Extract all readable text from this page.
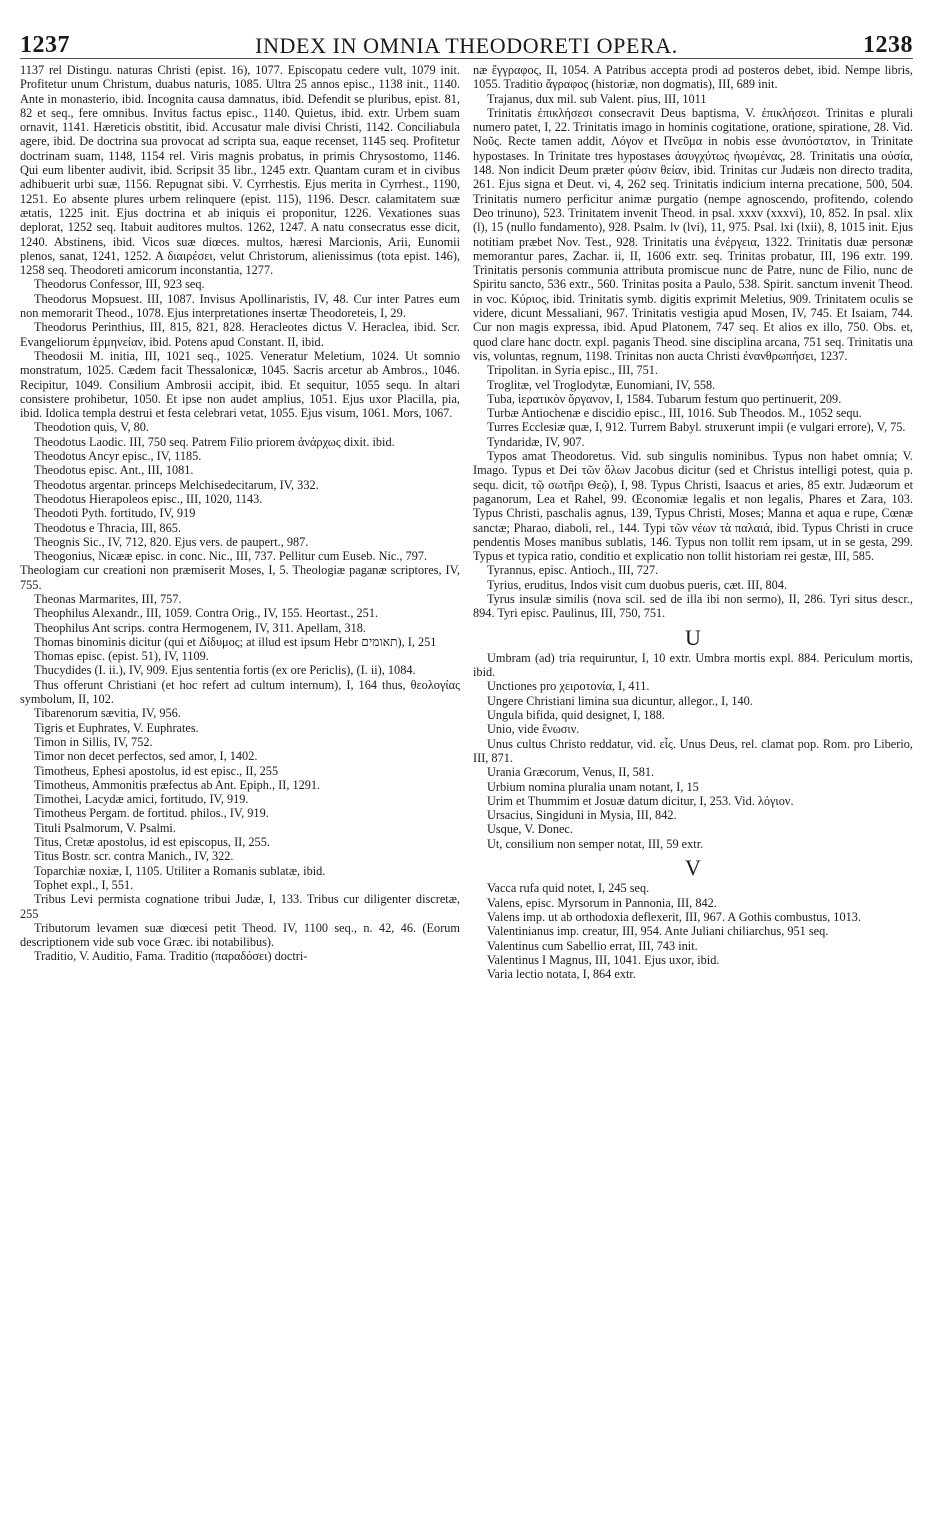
1237	INDEX IN OMNIA THEODORETI OPERA.	1238

1137 rel Distingu. naturas Christi (epist. 16), 1077. Episcopatu cedere vult, 1079 init. Profitetur unum Christum, duabus naturis, 1085. Ultra 25 annos episc., 1138 init., 1140. Ante in monasterio, ibid. Incognita causa damnatus, ibid. Defendit se pluribus, epist. 81, 82 et seq., fere omnibus. Invitus factus episc., 1140. Quietus, ibid. extr. Urbem suam ornavit, 1141. Hæreticis obstitit, ibid. Accusatur male divisi Christi, 1142. Conciliabula agere, ibid. De doctrina sua provocat ad scripta sua, eaque recenset, 1145 seq. Profitetur doctrinam suam, 1148, 1154 rel. Viris magnis probatus, in primis Chrysostomo, 1146. Qui eum libenter audivit, ibid. Scripsit 35 libr., 1245 extr. Quantam curam et in civibus adhibuerit urbi suæ, 1156. Repugnat sibi. V. Cyrrhestis. Ejus merita in Cyrrhest., 1190, 1251. Eo absente plures urbem relinquere (epist. 115), 1196. Descr. calamitatem suæ ætatis, 1225 init. Ejus doctrina et ab iniquis ei proponitur, 1226. Vexationes suas deplorat, 1252 seq. Itabuit auditores multos. 1262, 1247. A natu consecratus esse dicit, 1240. Abstinens, ibid. Vicos suæ diœces. multos, hæresi Marcionis, Arii, Eunomii plenos, sanat, 1241, 1252. A διαιρέσει, velut Christorum, alienissimus (tota epist. 146), 1258 seq. Theodoreti amicorum inconstantia, 1277.

Theodorus Confessor, III, 923 seq.

Theodorus Mopsuest. III, 1087. Invisus Apollinaristis, IV, 48. Cur inter Patres eum non memorarit Theod., 1078. Ejus interpretationes insertæ Theodoreteis, I, 29.

Theodorus Perinthius, III, 815, 821, 828. Heracleotes dictus V. Heraclea, ibid. Scr. Evangeliorum ἑρμηνείαν, ibid. Potens apud Constant. II, ibid.

Theodosii M. initia, III, 1021 seq., 1025. Veneratur Meletium, 1024. Ut somnio monstratum, 1025. Cædem facit Thessalonicæ, 1045. Sacris arcetur ab Ambros., 1046. Recipitur, 1049. Consilium Ambrosii accipit, ibid. Et sequitur, 1055 sequ. In altari consistere prohibetur, 1050. Et ipse non audet amplius, 1051. Ejus uxor Placilla, pia, ibid. Idolica templa destrui et festa celebrari vetat, 1055. Ejus visum, 1061. Mors, 1067.

Theodotion quis, V, 80.

Theodotus Laodic. III, 750 seq. Patrem Filio priorem ἀνάρχως dixit. ibid.

Theodotus Ancyr episc., IV, 1185.

Theodotus episc. Ant., III, 1081.

Theodotus argentar. princeps Melchisedecitarum, IV, 332.

Theodotus Hierapoleos episc., III, 1020, 1143.

Theodoti Pyth. fortitudo, IV, 919

Theodotus e Thracia, III, 865.

Theognis Sic., IV, 712, 820. Ejus vers. de paupert., 987.

Theogonius, Nicææ episc. in conc. Nic., III, 737. Pellitur cum Euseb. Nic., 797.

Theologiam cur creationi non præmiserit Moses, I, 5. Theologiæ paganæ scriptores, IV, 755.

Theonas Marmarites, III, 757.

Theophilus Alexandr., III, 1059. Contra Orig., IV, 155. Heortast., 251.

Theophilus Ant scrips. contra Hermogenem, IV, 311. Apellam, 318.

Thomas binominis dicitur (qui et Δίδυμος; at illud est ipsum Hebr תאומים), I, 251

Thomas episc. (epist. 51), IV, 1109.

Thucydides (I. ii.), IV, 909. Ejus sententia fortis (ex ore Periclis), (I. ii), 1084.

Thus offerunt Christiani (et hoc refert ad cultum internum), I, 164 thus, θεολογίας symbolum, II, 102.

Tibarenorum sævitia, IV, 956.

Tigris et Euphrates, V. Euphrates.

Timon in Sillis, IV, 752.

Timor non decet perfectos, sed amor, I, 1402.

Timotheus, Ephesi apostolus, id est episc., II, 255

Timotheus, Ammonitis præfectus ab Ant. Epiph., II, 1291.

Timothei, Lacydæ amici, fortitudo, IV, 919.

Timotheus Pergam. de fortitud. philos., IV, 919.

Tituli Psalmorum, V. Psalmi.

Titus, Cretæ apostolus, id est episcopus, II, 255.

Titus Bostr. scr. contra Manich., IV, 322.

Toparchiæ noxiæ, I, 1105. Utiliter a Romanis sublatæ, ibid.

Tophet expl., I, 551.

Tribus Levi permista cognatione tribui Judæ, I, 133. Tribus cur diligenter discretæ, 255

Tributorum levamen suæ diœcesi petit Theod. IV, 1100 seq., n. 42, 46. (Eorum descriptionem vide sub voce Græc. ibi notabilibus).

Traditio, V. Auditio, Fama. Traditio (παραδόσει) doctri-

næ ἔγγραφος, II, 1054. A Patribus accepta prodi ad posteros debet, ibid. Nempe libris, 1055. Traditio ἄγραφος (historiæ, non dogmatis), III, 689 init.

Trajanus, dux mil. sub Valent. pius, III, 1011

Trinitatis ἐπικλήσεσι consecravit Deus baptisma, V. ἐπικλήσεσι. Trinitas e plurali numero patet, I, 22. Trinitatis imago in hominis cogitatione, oratione, spiratione, 28. Vid. Νοῦς. Recte tamen addit, Λόγον et Πνεῦμα in nobis esse ἀνυπόστατον, in Trinitate hypostases. In Trinitate tres hypostases ἀσυγχύτως ἡνωμένας, 28. Trinitatis una οὐσία, 148. Non indicit Deum præter φύσιν θείαν, ibid. Trinitas cur Judæis non directo tradita, 261. Ejus signa et Deut. vi, 4, 262 seq. Trinitatis indicium interna precatione, 500, 504. Trinitatis numero perficitur animæ purgatio (nempe agnoscendo, profitendo, colendo Deo trinuno), 523. Trinitatem invenit Theod. in psal. xxxv (xxxvi), 10, 852. In psal. xlix (l), 15 (nullo fundamento), 928. Psalm. lv (lvi), 11, 975. Psal. lxi (lxii), 8, 1015 init. Ejus notitiam præbet Nov. Test., 928. Trinitatis una ἐνέργεια, 1322. Trinitatis duæ personæ memorantur pares, Zachar. ii, II, 1606 extr. seq. Trinitas probatur, III, 196 extr. 199. Trinitatis personis communia attributa promiscue nunc de Patre, nunc de Filio, nunc de Spiritu sancto, 536 extr., 560. Trinitas posita a Paulo, 538. Spirit. sanctum invenit Theod. in voc. Κύριος, ibid. Trinitatis symb. digitis exprimit Meletius, 909. Trinitatem oculis se videre, dicunt Messaliani, 967. Trinitatis vestigia apud Mosen, IV, 745. Et Isaiam, 744. Cur non magis expressa, ibid. Apud Platonem, 747 seq. Et alios ex illo, 750. Obs. et, quod clare hanc doctr. expl. paganis Theod. sine disciplina arcana, 751 seq. Trinitatis una vis, voluntas, regnum, 1198. Trinitas non aucta Christi ἐνανθρωπήσει, 1237.

Tripolitan. in Syria episc., III, 751.

Troglitæ, vel Troglodytæ, Eunomiani, IV, 558.

Tuba, ἱερατικὸν ὄργανον, I, 1584. Tubarum festum quo pertinuerit, 209.

Turbæ Antiochenæ e discidio episc., III, 1016. Sub Theodos. M., 1052 sequ.

Turres Ecclesiæ quæ, I, 912. Turrem Babyl. struxerunt impii (e vulgari errore), V, 75.

Tyndaridæ, IV, 907.

Typos amat Theodoretus. Vid. sub singulis nominibus. Typus non habet omnia; V. Imago. Typus et Dei τῶν ὅλων Jacobus dicitur (sed et Christus intelligi potest, quia p. sequ. dicit, τῷ σωτῆρι Θεῷ), I, 98. Typus Christi, Isaacus et aries, 85 extr. Judæorum et paganorum, Lea et Rahel, 99. Œconomiæ legalis et non legalis, Phares et Zara, 103. Typus Christi, paschalis agnus, 139, Typus Christi, Moses; Manna et aqua e rupe, Cœnæ sanctæ; Pharao, diaboli, rel., 144. Typi τῶν νέων τὰ παλαιά, ibid. Typus Christi in cruce pendentis Moses manibus sublatis, 146. Typus non tollit rem ipsam, ut in se gesta, 299. Typus et typica ratio, conditio et explicatio non tollit historiam rei gestæ, III, 585.

Tyrannus, episc. Antioch., III, 727.

Tyrius, eruditus, Indos visit cum duobus pueris, cæt. III, 804.

Tyrus insulæ similis (nova scil. sed de illa ibi non sermo), II, 286. Tyri situs descr., 894. Tyri episc. Paulinus, III, 750, 751.

U

Umbram (ad) tria requiruntur, I, 10 extr. Umbra mortis expl. 884. Periculum mortis, ibid.

Unctiones pro χειροτονία, I, 411.

Ungere Christiani limina sua dicuntur, allegor., I, 140.

Ungula bifida, quid designet, I, 188.

Unio, vide ἕνωσιν.

Unus cultus Christo reddatur, vid. εἷς. Unus Deus, rel. clamat pop. Rom. pro Liberio, III, 871.

Urania Græcorum, Venus, II, 581.

Urbium nomina pluralia unam notant, I, 15

Urim et Thummim et Josuæ datum dicitur, I, 253. Vid. λόγιον.

Ursacius, Singiduni in Mysia, III, 842.

Usque, V. Donec.

Ut, consilium non semper notat, III, 59 extr.

V

Vacca rufa quid notet, I, 245 seq.

Valens, episc. Myrsorum in Pannonia, III, 842.

Valens imp. ut ab orthodoxia deflexerit, III, 967. A Gothis combustus, 1013.

Valentinianus imp. creatur, III, 954. Ante Juliani chiliarchus, 951 seq.

Valentinus cum Sabellio errat, III, 743 init.

Valentinus I Magnus, III, 1041. Ejus uxor, ibid.

Varia lectio notata, I, 864 extr.
